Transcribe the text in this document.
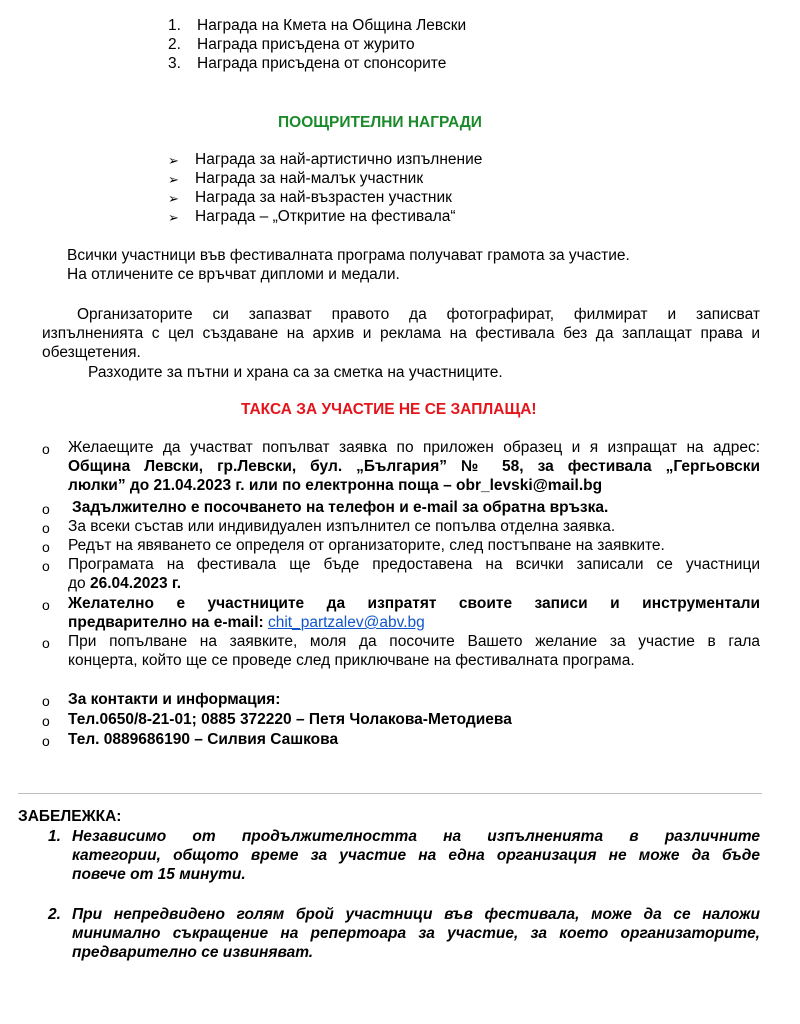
1. Награда на Кмета на Община Левски
2. Награда присъдена от журито
3. Награда присъдена от спонсорите
ПООЩРИТЕЛНИ НАГРАДИ
➢ Награда за най-артистично изпълнение
➢ Награда за най-малък участник
➢ Награда за най-възрастен участник
➢ Награда – „Откритие на фестивала“
Всички участници във фестивалната програма получават грамота за участие.
На отличените се връчват дипломи и медали.
Организаторите си запазват правото да фотографират, филмират и записват
изпълненията с цел създаване на архив и реклама на фестивала без да заплащат права и
обезщетения.
Разходите за пътни и храна са за сметка на участниците.
ТАКСА ЗА УЧАСТИЕ НЕ СЕ ЗАПЛАЩА!
o Желаещите да участват попълват заявка по приложен образец и я изпращат на адрес:
Община Левски, гр.Левски, бул. „България” № 58, за фестивала „Гергьовски
люлки” до 21.04.2023 г. или по електронна поща – obr_levski@mail.bg
o Задължително е посочването на телефон и e-mail за обратна връзка.
o За всеки състав или индивидуален изпълнител се попълва отделна заявка.
o Редът на явяването се определя от организаторите, след постъпване на заявките.
o Програмата на фестивала ще бъде предоставена на всички записали се участници
до 26.04.2023 г.
o Желателно е участниците да изпратят своите записи и инструментали
предварително на e-mail: chit_partzalev@abv.bg
o При попълване на заявките, моля да посочите Вашето желание за участие в гала
концерта, който ще се проведе след приключване на фестивалната програма.
o За контакти и информация:
o Тел.0650/8-21-01; 0885 372220 – Петя Чолакова-Методиева
o Тел. 0889686190 – Силвия Сашкова
ЗАБЕЛЕЖКА:
1. Независимо от продължителността на изпълненията в различните
категории, общото време за участие на една организация не може да бъде
повече от 15 минути.
2. При непредвидено голям брой участници във фестивала, може да се наложи
минимално съкращение на репертоара за участие, за което организаторите,
предварително се извиняват.
